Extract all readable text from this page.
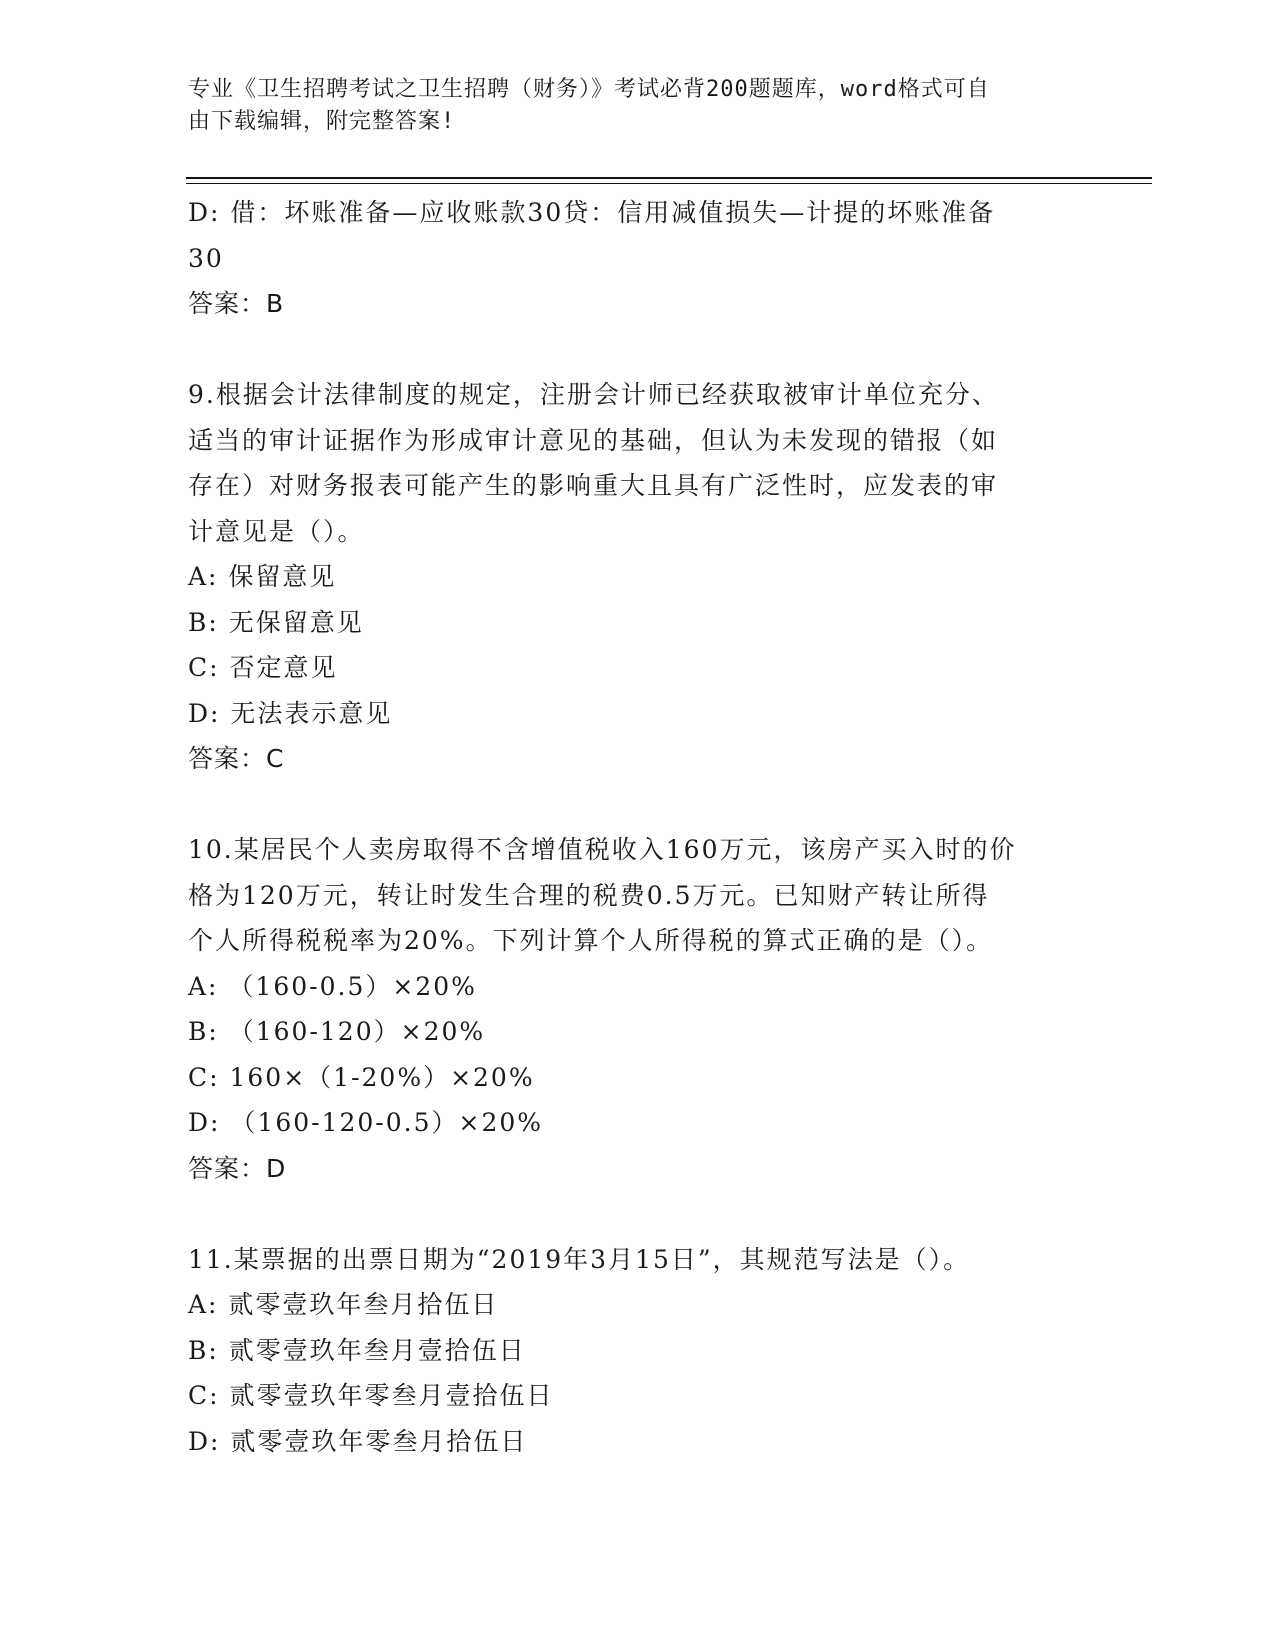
专业《卫生招聘考试之卫生招聘（财务）》考试必背200题题库，word格式可自
由下载编辑，附完整答案!
D: 借：坏账准备—应收账款30贷：信用减值损失—计提的坏账准备
30
答案：B
9.根据会计法律制度的规定，注册会计师已经获取被审计单位充分、
适当的审计证据作为形成审计意见的基础，但认为未发现的错报（如
存在）对财务报表可能产生的影响重大且具有广泛性时，应发表的审
计意见是（）。
A: 保留意见
B: 无保留意见
C: 否定意见
D: 无法表示意见
答案：C
10.某居民个人卖房取得不含增值税收入160万元，该房产买入时的价
格为120万元，转让时发生合理的税费0.5万元。已知财产转让所得
个人所得税税率为20%。下列计算个人所得税的算式正确的是（）。
A: （160-0.5）×20%
B: （160-120）×20%
C: 160×（1-20%）×20%
D: （160-120-0.5）×20%
答案：D
11.某票据的出票日期为“2019年3月15日”，其规范写法是（）。
A: 贰零壹玖年叁月拾伍日
B: 贰零壹玖年叁月壹拾伍日
C: 贰零壹玖年零叁月壹拾伍日
D: 贰零壹玖年零叁月拾伍日
